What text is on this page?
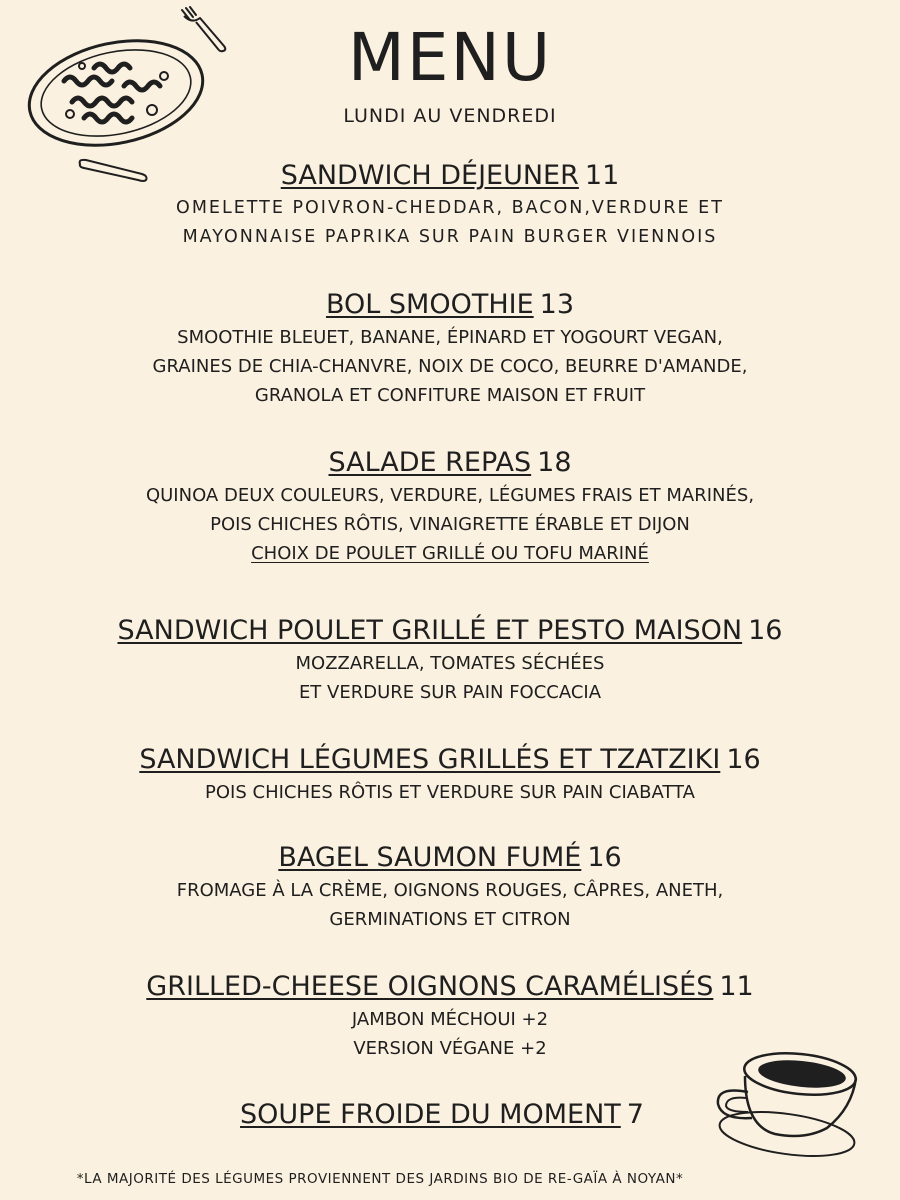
MENU
LUNDI AU VENDREDI
SANDWICH DÉJEUNER 11
OMELETTE POIVRON-CHEDDAR, BACON,VERDURE ET
MAYONNAISE PAPRIKA SUR PAIN BURGER VIENNOIS
BOL SMOOTHIE 13
SMOOTHIE BLEUET, BANANE, ÉPINARD ET YOGOURT VEGAN,
GRAINES DE CHIA-CHANVRE, NOIX DE COCO, BEURRE D'AMANDE,
GRANOLA ET CONFITURE MAISON ET FRUIT
SALADE REPAS 18
QUINOA DEUX COULEURS, VERDURE, LÉGUMES FRAIS ET MARINÉS,
POIS CHICHES RÔTIS, VINAIGRETTE ÉRABLE ET DIJON
CHOIX DE POULET GRILLÉ OU TOFU MARINÉ
SANDWICH POULET GRILLÉ ET PESTO MAISON 16
MOZZARELLA, TOMATES SÉCHÉES
ET VERDURE SUR PAIN FOCCACIA
SANDWICH LÉGUMES GRILLÉS ET TZATZIKI 16
POIS CHICHES RÔTIS ET VERDURE SUR PAIN CIABATTA
BAGEL SAUMON FUMÉ 16
FROMAGE À LA CRÈME, OIGNONS ROUGES, CÂPRES, ANETH,
GERMINATIONS ET CITRON
GRILLED-CHEESE OIGNONS CARAMÉLISÉS 11
JAMBON MÉCHOUI +2
VERSION VÉGANE +2
SOUPE FROIDE DU MOMENT 7
*LA MAJORITÉ DES LÉGUMES PROVIENNENT DES JARDINS BIO DE RE-GAÏA À NOYAN*
